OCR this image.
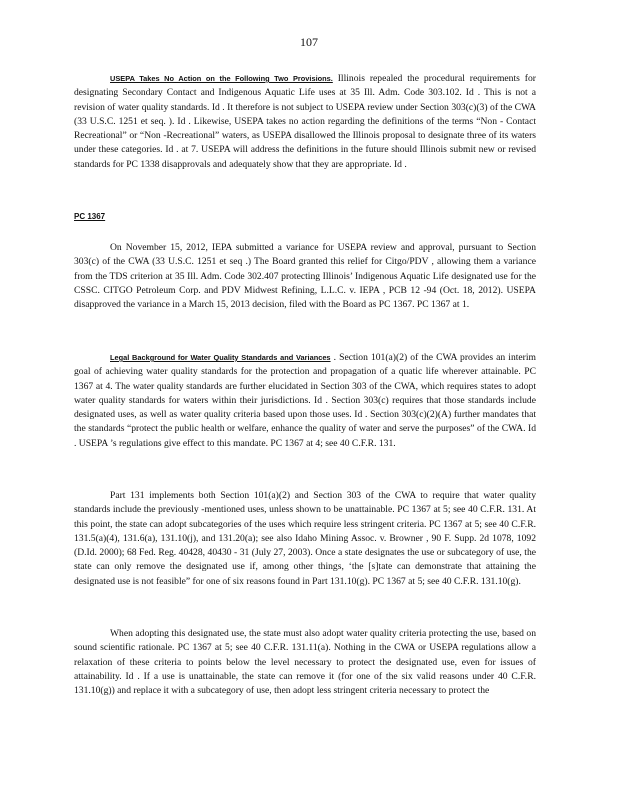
107

USEPA Takes No Action on the Following Two Provisions. Illinois repealed the procedural requirements for designating Secondary Contact and Indigenous Aquatic Life uses at 35 Ill. Adm. Code 303.102. Id . This is not a revision of water quality standards. Id . It therefore is not subject to USEPA review under Section 303(c)(3) of the CWA (33 U.S.C. 1251 et seq. ). Id . Likewise, USEPA takes no action regarding the definitions of the terms “Non - Contact Recreational” or “Non -Recreational” waters, as USEPA disallowed the Illinois proposal to designate three of its waters under these categories. Id . at 7. USEPA will address the definitions in the future should Illinois submit new or revised standards for PC 1338 disapprovals and adequately show that they are appropriate. Id .

PC 1367

On November 15, 2012, IEPA submitted a variance for USEPA review and approval, pursuant to Section 303(c) of the CWA (33 U.S.C. 1251 et seq .) The Board granted this relief for Citgo/PDV , allowing them a variance from the TDS criterion at 35 Ill. Adm. Code 302.407 protecting Illinois’ Indigenous Aquatic Life designated use for the CSSC. CITGO Petroleum Corp. and PDV Midwest Refining, L.L.C. v. IEPA , PCB 12 -94 (Oct. 18, 2012). USEPA disapproved the variance in a March 15, 2013 decision, filed with the Board as PC 1367. PC 1367 at 1.

Legal Background for Water Quality Standards and Variances . Section 101(a)(2) of the CWA provides an interim goal of achieving water quality standards for the protection and propagation of a quatic life wherever attainable. PC 1367 at 4. The water quality standards are further elucidated in Section 303 of the CWA, which requires states to adopt water quality standards for waters within their jurisdictions. Id . Section 303(c) requires that those standards include designated uses, as well as water quality criteria based upon those uses. Id . Section 303(c)(2)(A) further mandates that the standards “protect the public health or welfare, enhance the quality of water and serve the purposes” of the CWA. Id . USEPA ’s regulations give effect to this mandate. PC 1367 at 4; see 40 C.F.R. 131.

Part 131 implements both Section 101(a)(2) and Section 303 of the CWA to require that water quality standards include the previously -mentioned uses, unless shown to be unattainable. PC 1367 at 5; see 40 C.F.R. 131. At this point, the state can adopt subcategories of the uses which require less stringent criteria. PC 1367 at 5; see 40 C.F.R. 131.5(a)(4), 131.6(a), 131.10(j), and 131.20(a); see also Idaho Mining Assoc. v. Browner , 90 F. Supp. 2d 1078, 1092 (D.Id. 2000); 68 Fed. Reg. 40428, 40430 - 31 (July 27, 2003). Once a state designates the use or subcategory of use, the state can only remove the designated use if, among other things, ‘the [s]tate can demonstrate that attaining the designated use is not feasible” for one of six reasons found in Part 131.10(g). PC 1367 at 5; see 40 C.F.R. 131.10(g).

When adopting this designated use, the state must also adopt water quality criteria protecting the use, based on sound scientific rationale. PC 1367 at 5; see 40 C.F.R. 131.11(a). Nothing in the CWA or USEPA regulations allow a relaxation of these criteria to points below the level necessary to protect the designated use, even for issues of attainability. Id . If a use is unattainable, the state can remove it (for one of the six valid reasons under 40 C.F.R. 131.10(g)) and replace it with a subcategory of use, then adopt less stringent criteria necessary to protect the
